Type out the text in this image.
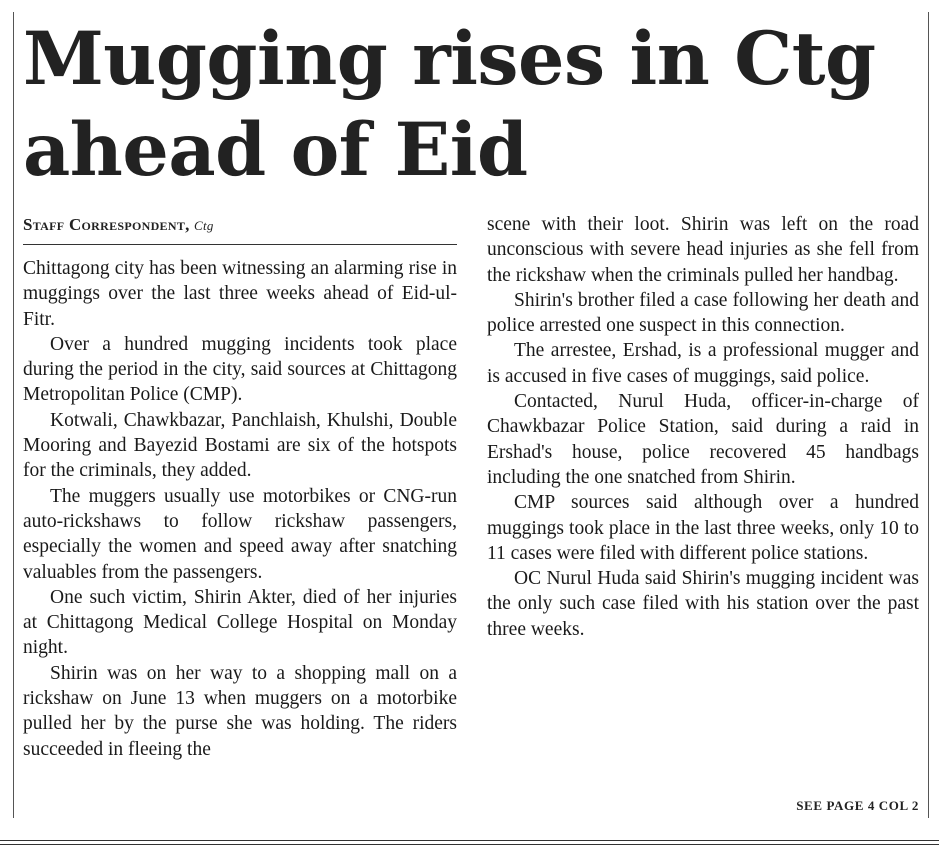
Mugging rises in Ctg ahead of Eid
Staff Correspondent, Ctg

Chittagong city has been witnessing an alarming rise in muggings over the last three weeks ahead of Eid-ul-Fitr.

Over a hundred mugging incidents took place during the period in the city, said sources at Chittagong Metropolitan Police (CMP).

Kotwali, Chawkbazar, Panchlaish, Khulshi, Double Mooring and Bayezid Bostami are six of the hotspots for the criminals, they added.

The muggers usually use motorbikes or CNG-run auto-rickshaws to follow rickshaw passengers, especially the women and speed away after snatching valuables from the passengers.

One such victim, Shirin Akter, died of her injuries at Chittagong Medical College Hospital on Monday night.

Shirin was on her way to a shopping mall on a rickshaw on June 13 when muggers on a motorbike pulled her by the purse she was holding. The riders succeeded in fleeing the

scene with their loot. Shirin was left on the road unconscious with severe head injuries as she fell from the rickshaw when the criminals pulled her handbag.

Shirin's brother filed a case following her death and police arrested one suspect in this connection.

The arrestee, Ershad, is a professional mugger and is accused in five cases of muggings, said police.

Contacted, Nurul Huda, officer-in-charge of Chawkbazar Police Station, said during a raid in Ershad's house, police recovered 45 handbags including the one snatched from Shirin.

CMP sources said although over a hundred muggings took place in the last three weeks, only 10 to 11 cases were filed with different police stations.

OC Nurul Huda said Shirin's mugging incident was the only such case filed with his station over the past three weeks.

SEE PAGE 4 COL 2
